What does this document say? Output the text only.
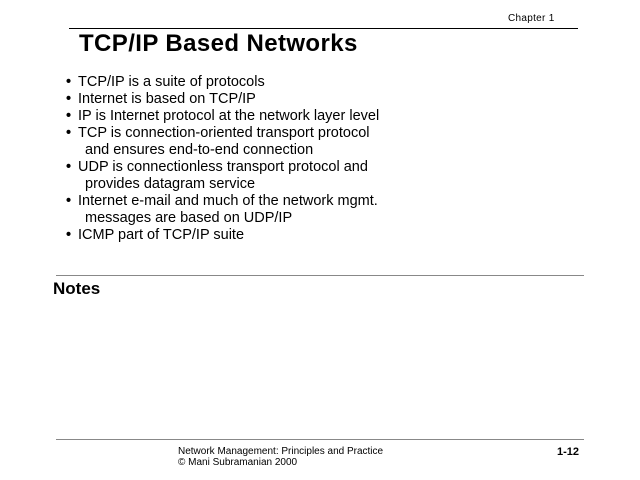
Chapter 1
TCP/IP Based Networks
• TCP/IP is a suite of protocols
• Internet is based on TCP/IP
• IP is Internet protocol at the network layer level
• TCP is connection-oriented transport protocol
and ensures end-to-end connection
• UDP is connectionless transport protocol and
provides datagram service
• Internet e-mail and much of the network mgmt.
messages are based on UDP/IP
• ICMP part of TCP/IP suite
Notes
Network Management: Principles and Practice
© Mani Subramanian 2000
1-12
